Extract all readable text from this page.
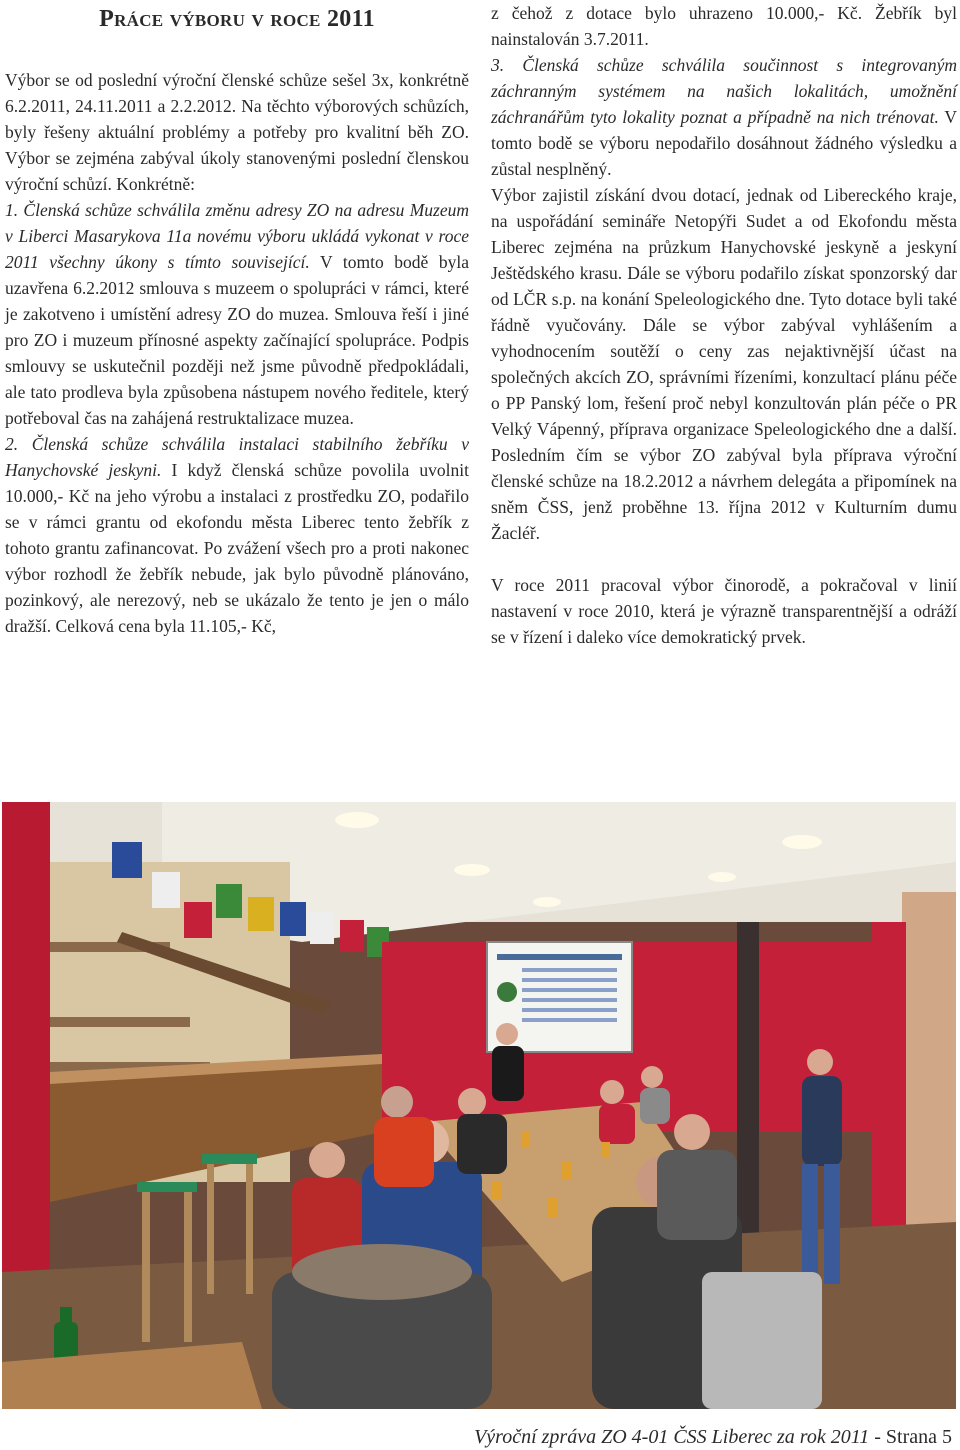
Práce výboru v roce 2011

Výbor se od poslední výroční členské schůze sešel 3x, konkrétně 6.2.2011, 24.11.2011 a 2.2.2012. Na těchto výborových schůzích, byly řešeny aktuální problémy a potřeby pro kvalitní běh ZO. Výbor se zejména zabýval úkoly stanovenými poslední členskou výroční schůzí. Konkrétně:
1. Členská schůze schválila změnu adresy ZO na adresu Muzeum v Liberci Masarykova 11a novému výboru ukládá vykonat v roce 2011 všechny úkony s tímto související. V tomto bodě byla uzavřena 6.2.2012 smlouva s muzeem o spolupráci v rámci, které je zakotveno i umístění adresy ZO do muzea. Smlouva řeší i jiné pro ZO i muzeum přínosné aspekty začínající spolupráce. Podpis smlouvy se uskutečnil později než jsme původně předpokládali, ale tato prodleva byla způsobena nástupem nového ředitele, který potřeboval čas na zahájená restruktalizace muzea.
2. Členská schůze schválila instalaci stabilního žebříku v Hanychovské jeskyni. I když členská schůze povolila uvolnit 10.000,- Kč na jeho výrobu a instalaci z prostředku ZO, podařilo se v rámci grantu od ekofondu města Liberec tento žebřík z tohoto grantu zafinancovat. Po zvážení všech pro a proti nakonec výbor rozhodl že žebřík nebude, jak bylo původně plánováno, pozinkový, ale nerezový, neb se ukázalo že tento je jen o málo dražší. Celková cena byla 11.105,- Kč,

z čehož z dotace bylo uhrazeno 10.000,- Kč. Žebřík byl nainstalován 3.7.2011.
3. Členská schůze schválila součinnost s integrovaným záchranným systémem na našich lokalitách, umožnění záchranářům tyto lokality poznat a případně na nich trénovat. V tomto bodě se výboru nepodařilo dosáhnout žádného výsledku a zůstal nesplněný.
Výbor zajistil získání dvou dotací, jednak od Libereckého kraje, na uspořádání semináře Netopýři Sudet a od Ekofondu města Liberec zejména na průzkum Hanychovské jeskyně a jeskyní Ještědského krasu. Dále se výboru podařilo získat sponzorský dar od LČR s.p. na konání Speleologického dne. Tyto dotace byli také řádně vyučovány. Dále se výbor zabýval vyhlášením a vyhodnocením soutěží o ceny zas nejaktivnější účast na společných akcích ZO, správními řízeními, konzultací plánu péče o PP Panský lom, řešení proč nebyl konzultován plán péče o PR Velký Vápenný, příprava organizace Speleologického dne a další. Posledním čím se výbor ZO zabýval byla příprava výroční členské schůze na 18.2.2012 a návrhem delegáta a připomínek na sněm ČSS, jenž proběhne 13. října 2012 v Kulturním dumu Žacléř.

V roce 2011 pracoval výbor činorodě, a pokračoval v linií nastavení v roce 2010, která je výrazně transparentnější a odráží se v řízení i daleko více demokratický prvek.

Výroční zpráva ZO 4-01 ČSS Liberec za rok 2011 - Strana 5
